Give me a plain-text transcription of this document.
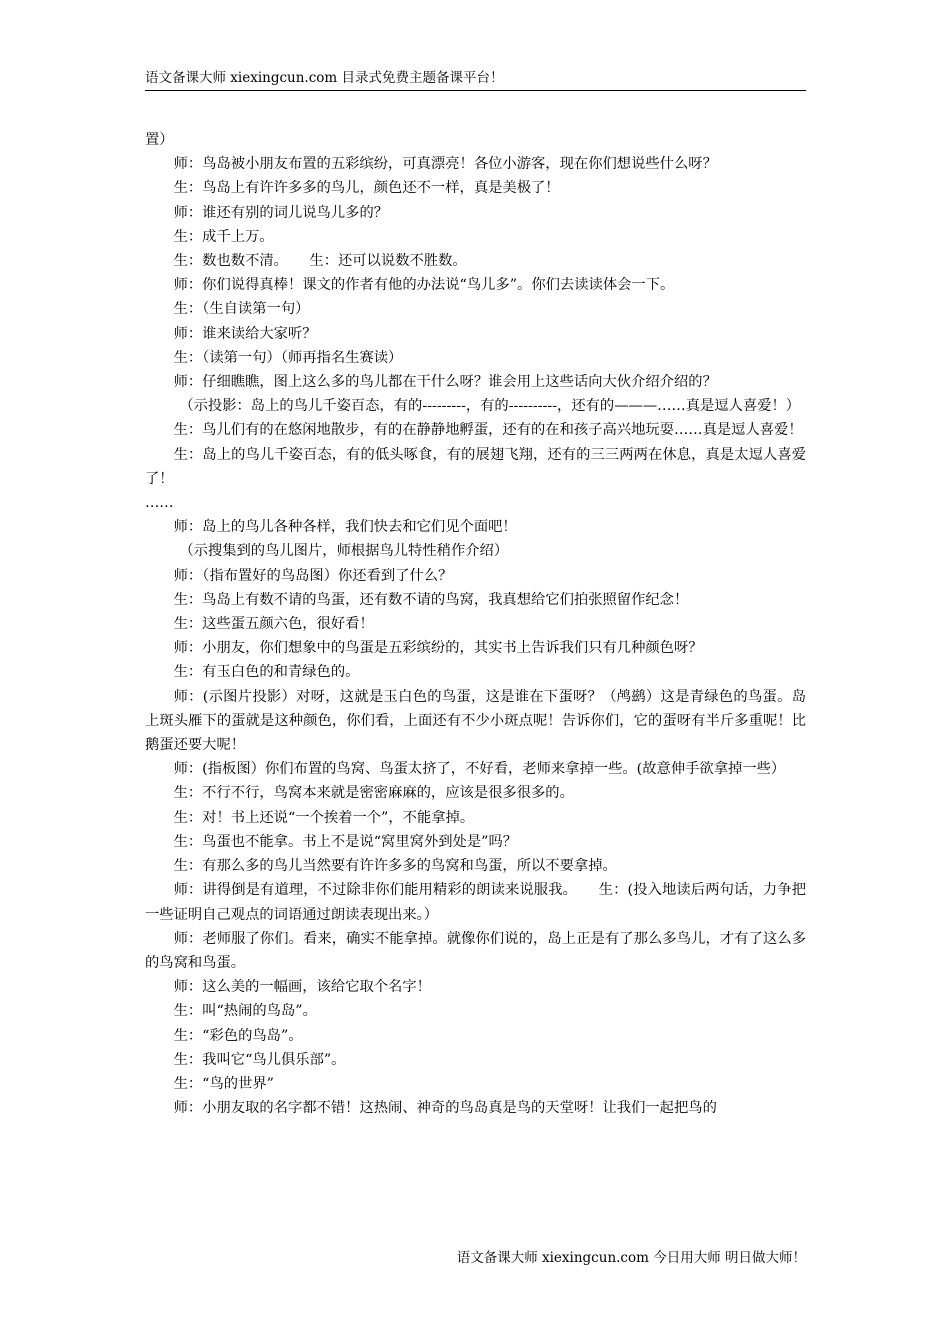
语文备课大师 xiexingcun.com 目录式免费主题备课平台！

置）

师：鸟岛被小朋友布置的五彩缤纷，可真漂亮！各位小游客，现在你们想说些什么呀？

生：鸟岛上有许许多多的鸟儿，颜色还不一样，真是美极了！

师：谁还有别的词儿说鸟儿多的？

生：成千上万。

生：数也数不清。　　生：还可以说数不胜数。

师：你们说得真棒！课文的作者有他的办法说“鸟儿多”。你们去读读体会一下。

生：（生自读第一句）

师：谁来读给大家听？

生：（读第一句）（师再指名生赛读）

师：仔细瞧瞧，图上这么多的鸟儿都在干什么呀？谁会用上这些话向大伙介绍介绍的？

（示投影：岛上的鸟儿千姿百态，有的---------，有的----------，还有的———……真是逗人喜爱！）

生：鸟儿们有的在悠闲地散步，有的在静静地孵蛋，还有的在和孩子高兴地玩耍……真是逗人喜爱！

生：岛上的鸟儿千姿百态，有的低头啄食，有的展翅飞翔，还有的三三两两在休息，真是太逗人喜爱了！

……

师：岛上的鸟儿各种各样，我们快去和它们见个面吧！

（示搜集到的鸟儿图片，师根据鸟儿特性稍作介绍）

师：（指布置好的鸟岛图）你还看到了什么？

生：鸟岛上有数不请的鸟蛋，还有数不请的鸟窝，我真想给它们拍张照留作纪念！

生：这些蛋五颜六色，很好看！

师：小朋友，你们想象中的鸟蛋是五彩缤纷的，其实书上告诉我们只有几种颜色呀？

生：有玉白色的和青绿色的。

师：(示图片投影）对呀，这就是玉白色的鸟蛋，这是谁在下蛋呀？（鸬鹚）这是青绿色的鸟蛋。岛上斑头雁下的蛋就是这种颜色，你们看，上面还有不少小斑点呢！告诉你们，它的蛋呀有半斤多重呢！比鹅蛋还要大呢！

师：(指板图）你们布置的鸟窝、鸟蛋太挤了，不好看，老师来拿掉一些。(故意伸手欲拿掉一些）

生：不行不行，鸟窝本来就是密密麻麻的，应该是很多很多的。

生：对！书上还说“一个挨着一个”，不能拿掉。

生：鸟蛋也不能拿。书上不是说“窝里窝外到处是”吗？

生：有那么多的鸟儿当然要有许许多多的鸟窝和鸟蛋，所以不要拿掉。

师：讲得倒是有道理，不过除非你们能用精彩的朗读来说服我。　　生：(投入地读后两句话，力争把一些证明自己观点的词语通过朗读表现出来。）

师：老师服了你们。看来，确实不能拿掉。就像你们说的，岛上正是有了那么多鸟儿，才有了这么多的鸟窝和鸟蛋。

师：这么美的一幅画，该给它取个名字！

生：叫“热闹的鸟岛”。

生：“彩色的鸟岛”。

生：我叫它“鸟儿俱乐部”。

生：“鸟的世界”

师：小朋友取的名字都不错！这热闹、神奇的鸟岛真是鸟的天堂呀！让我们一起把鸟的

语文备课大师 xiexingcun.com 今日用大师 明日做大师！
